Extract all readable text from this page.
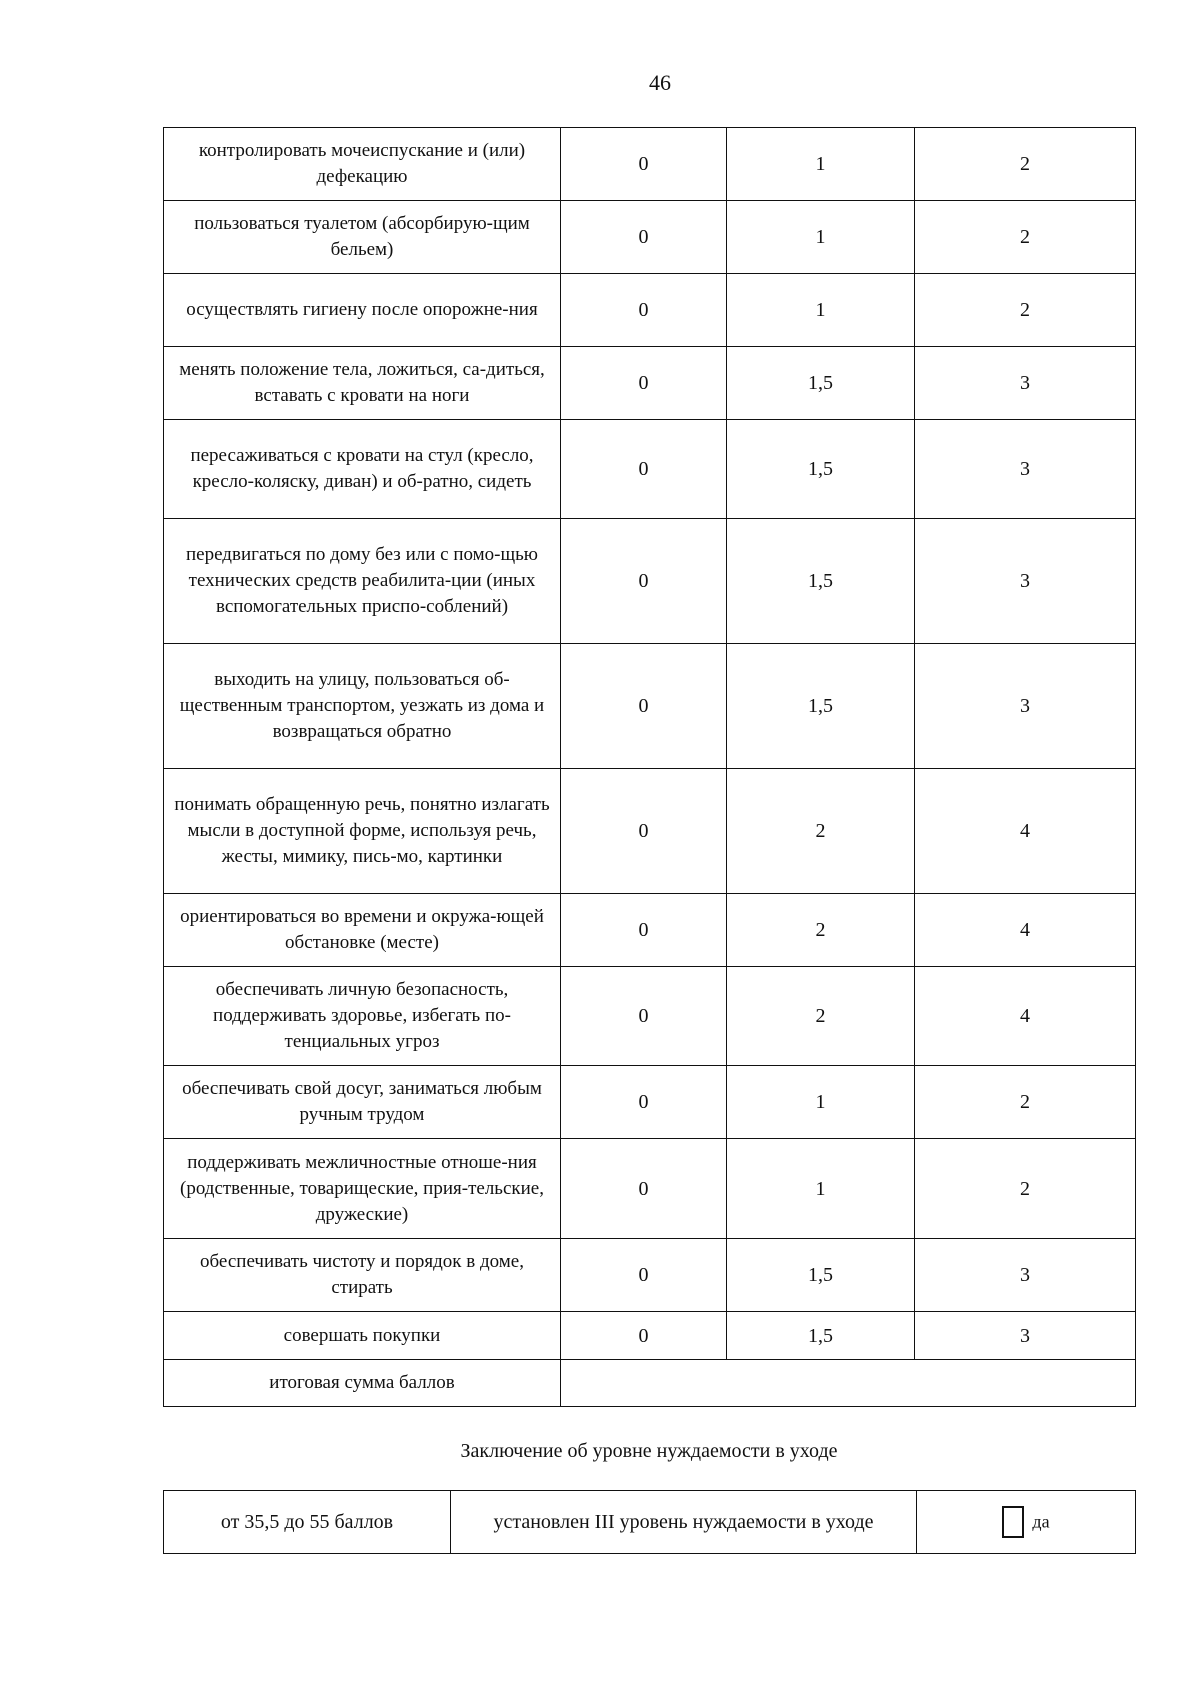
46
контролировать мочеиспускание и (или) дефекацию	0	1	2
пользоваться туалетом (абсорбирую-щим бельем)	0	1	2
осуществлять гигиену после опорожне-ния	0	1	2
менять положение тела, ложиться, са-диться, вставать с кровати на ноги	0	1,5	3
пересаживаться с кровати на стул (кресло, кресло-коляску, диван) и об-ратно, сидеть	0	1,5	3
передвигаться по дому без или с помо-щью технических средств реабилита-ции (иных вспомогательных приспо-соблений)	0	1,5	3
выходить на улицу, пользоваться об-щественным транспортом, уезжать из дома и возвращаться обратно	0	1,5	3
понимать обращенную речь, понятно излагать мысли в доступной форме, используя речь, жесты, мимику, пись-мо, картинки	0	2	4
ориентироваться во времени и окружа-ющей обстановке (месте)	0	2	4
обеспечивать личную безопасность, поддерживать здоровье, избегать по-тенциальных угроз	0	2	4
обеспечивать свой досуг, заниматься любым ручным трудом	0	1	2
поддерживать межличностные отноше-ния (родственные, товарищеские, прия-тельские, дружеские)	0	1	2
обеспечивать чистоту и порядок в доме, стирать	0	1,5	3
совершать покупки	0	1,5	3
итоговая сумма баллов			
Заключение об уровне нуждаемости в уходе
от 35,5 до 55 баллов	установлен III уровень нуждаемости в уходе	да
